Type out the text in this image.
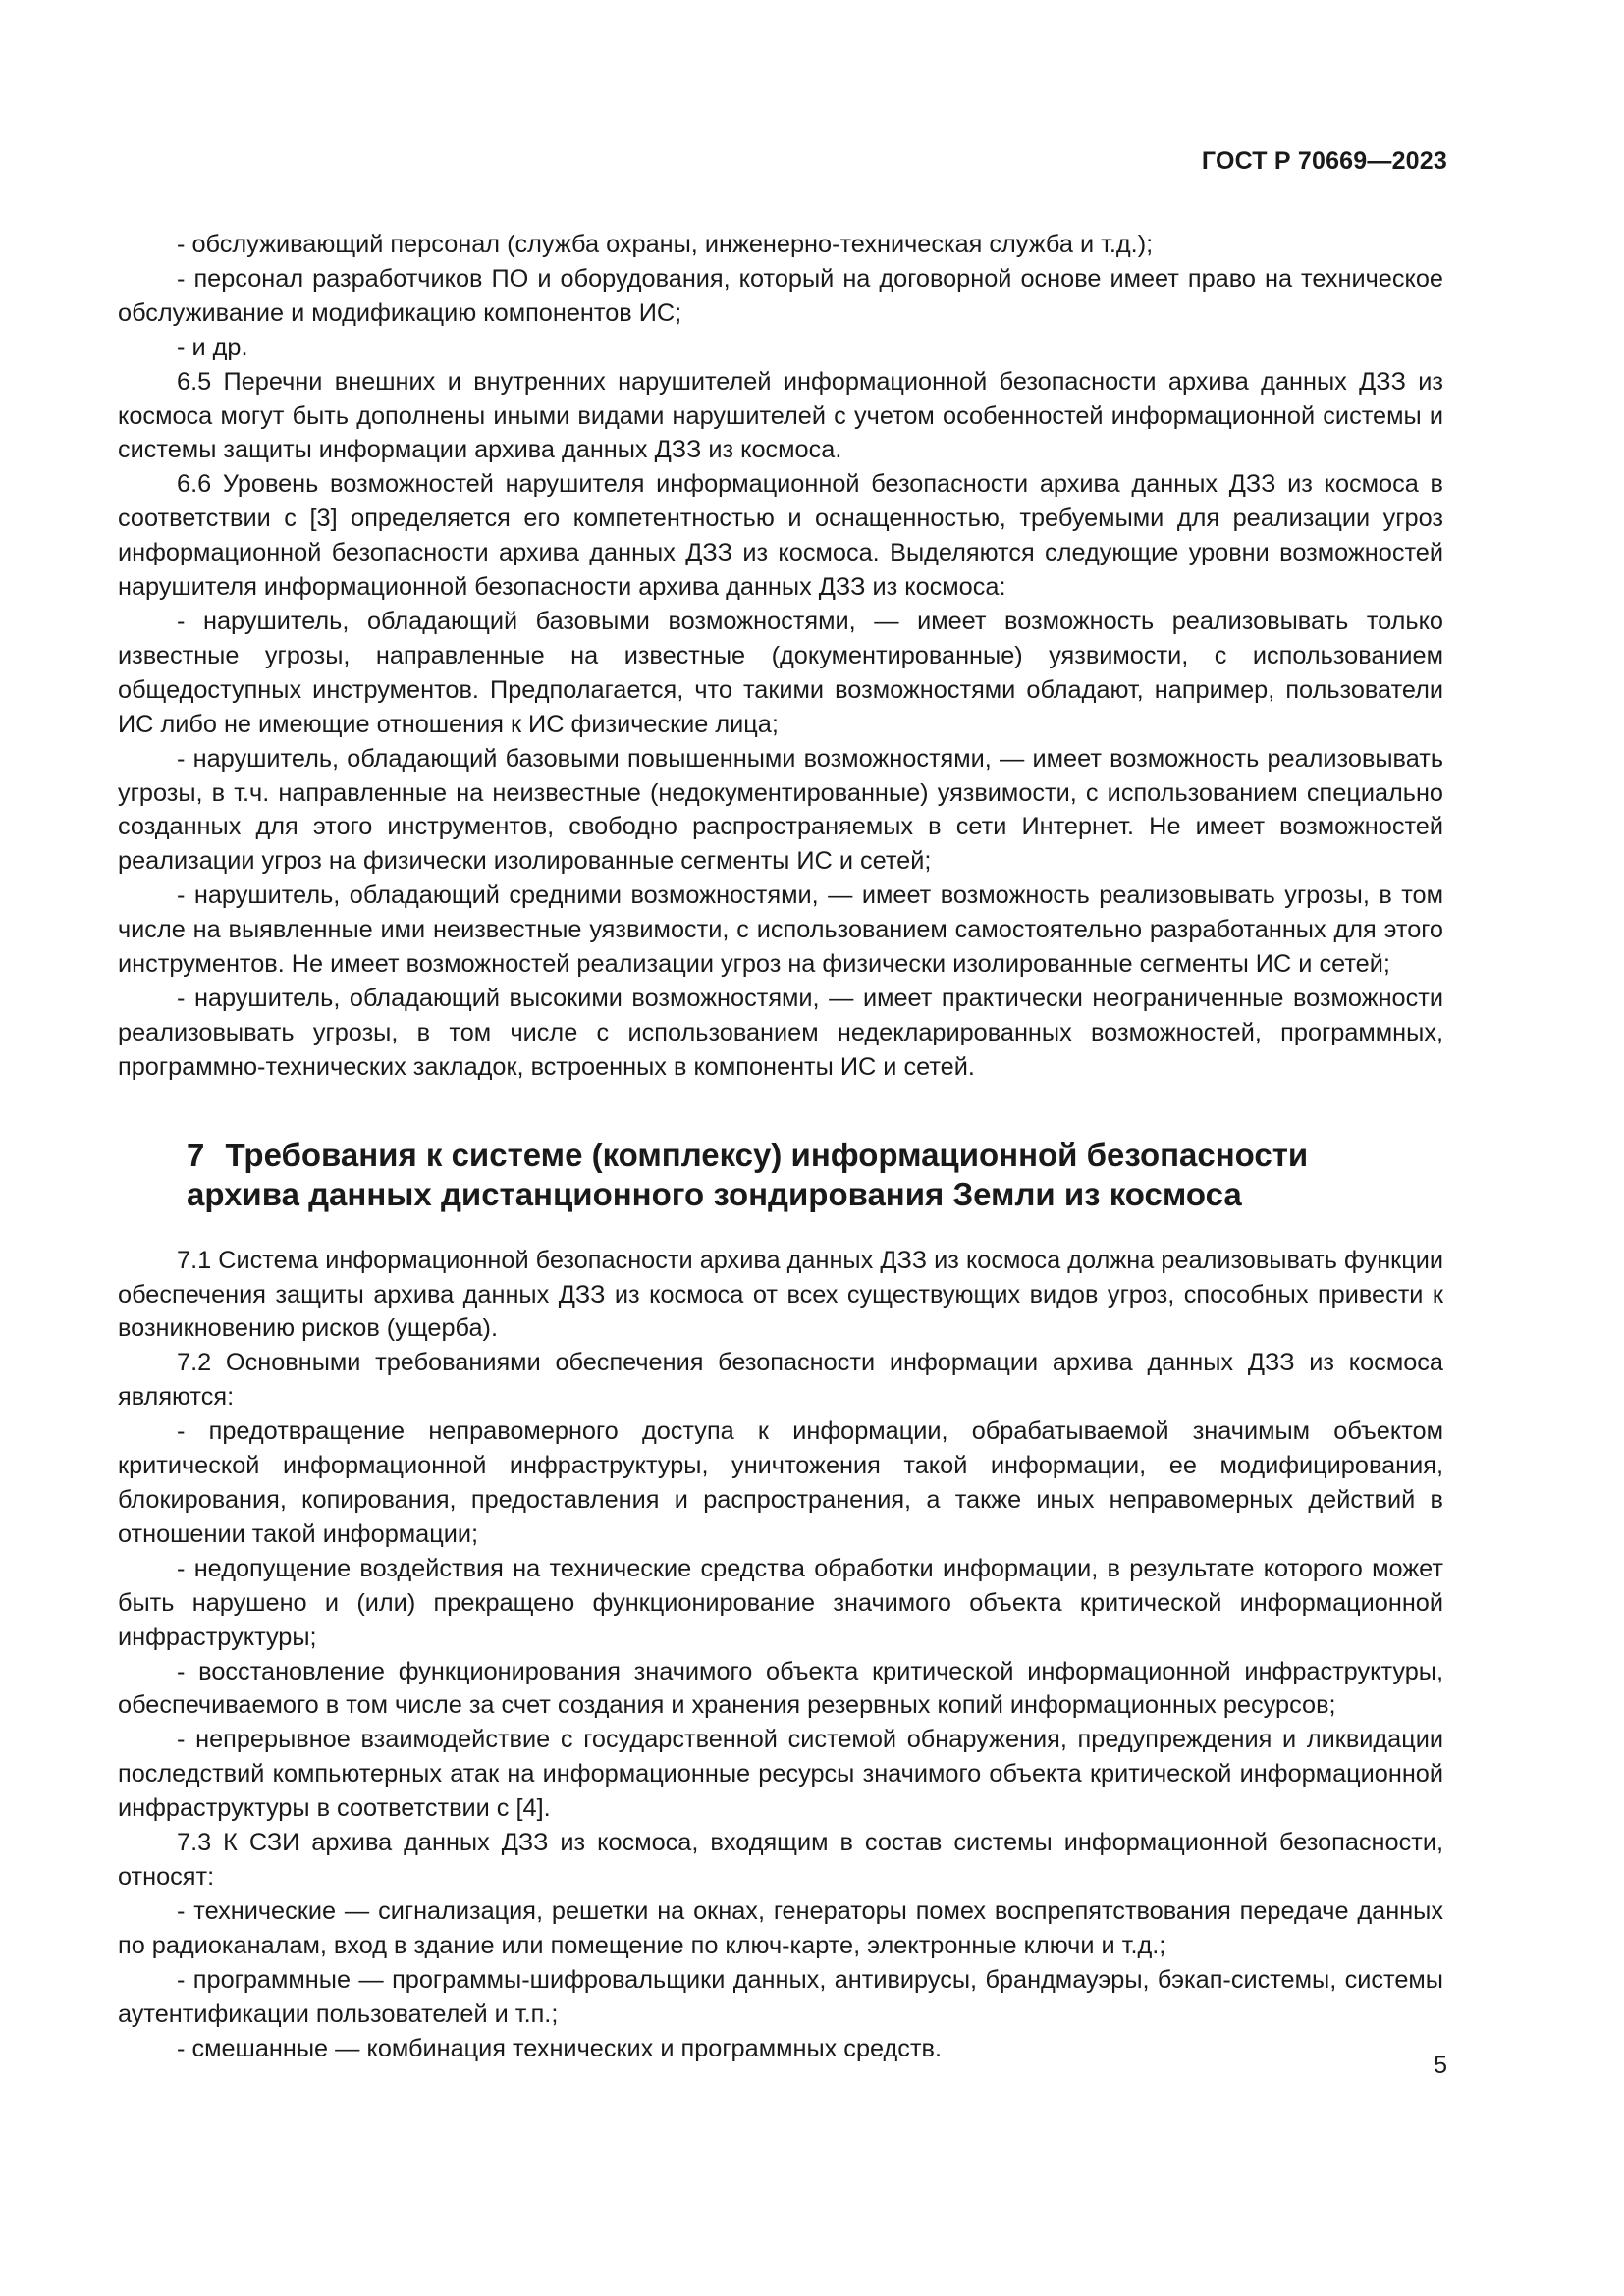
ГОСТ Р 70669—2023

- обслуживающий персонал (служба охраны, инженерно-техническая служба и т.д.);

- персонал разработчиков ПО и оборудования, который на договорной основе имеет право на техническое обслуживание и модификацию компонентов ИС;

- и др.

6.5 Перечни внешних и внутренних нарушителей информационной безопасности архива данных ДЗЗ из космоса могут быть дополнены иными видами нарушителей с учетом особенностей информационной системы и системы защиты информации архива данных ДЗЗ из космоса.

6.6 Уровень возможностей нарушителя информационной безопасности архива данных ДЗЗ из космоса в соответствии с [3] определяется его компетентностью и оснащенностью, требуемыми для реализации угроз информационной безопасности архива данных ДЗЗ из космоса. Выделяются следующие уровни возможностей нарушителя информационной безопасности архива данных ДЗЗ из космоса:

- нарушитель, обладающий базовыми возможностями, — имеет возможность реализовывать только известные угрозы, направленные на известные (документированные) уязвимости, с использованием общедоступных инструментов. Предполагается, что такими возможностями обладают, например, пользователи ИС либо не имеющие отношения к ИС физические лица;

- нарушитель, обладающий базовыми повышенными возможностями, — имеет возможность реализовывать угрозы, в т.ч. направленные на неизвестные (недокументированные) уязвимости, с использованием специально созданных для этого инструментов, свободно распространяемых в сети Интернет. Не имеет возможностей реализации угроз на физически изолированные сегменты ИС и сетей;

- нарушитель, обладающий средними возможностями, — имеет возможность реализовывать угрозы, в том числе на выявленные ими неизвестные уязвимости, с использованием самостоятельно разработанных для этого инструментов. Не имеет возможностей реализации угроз на физически изолированные сегменты ИС и сетей;

- нарушитель, обладающий высокими возможностями, — имеет практически неограниченные возможности реализовывать угрозы, в том числе с использованием недекларированных возможностей, программных, программно-технических закладок, встроенных в компоненты ИС и сетей.

7 Требования к системе (комплексу) информационной безопасности
архива данных дистанционного зондирования Земли из космоса

7.1 Система информационной безопасности архива данных ДЗЗ из космоса должна реализовывать функции обеспечения защиты архива данных ДЗЗ из космоса от всех существующих видов угроз, способных привести к возникновению рисков (ущерба).

7.2 Основными требованиями обеспечения безопасности информации архива данных ДЗЗ из космоса являются:

- предотвращение неправомерного доступа к информации, обрабатываемой значимым объектом критической информационной инфраструктуры, уничтожения такой информации, ее модифицирования, блокирования, копирования, предоставления и распространения, а также иных неправомерных действий в отношении такой информации;

- недопущение воздействия на технические средства обработки информации, в результате которого может быть нарушено и (или) прекращено функционирование значимого объекта критической информационной инфраструктуры;

- восстановление функционирования значимого объекта критической информационной инфраструктуры, обеспечиваемого в том числе за счет создания и хранения резервных копий информационных ресурсов;

- непрерывное взаимодействие с государственной системой обнаружения, предупреждения и ликвидации последствий компьютерных атак на информационные ресурсы значимого объекта критической информационной инфраструктуры в соответствии с [4].

7.3 К СЗИ архива данных ДЗЗ из космоса, входящим в состав системы информационной безопасности, относят:

- технические — сигнализация, решетки на окнах, генераторы помех воспрепятствования передаче данных по радиоканалам, вход в здание или помещение по ключ-карте, электронные ключи и т.д.;

- программные — программы-шифровальщики данных, антивирусы, брандмауэры, бэкап-системы, системы аутентификации пользователей и т.п.;

- смешанные — комбинация технических и программных средств.

5
